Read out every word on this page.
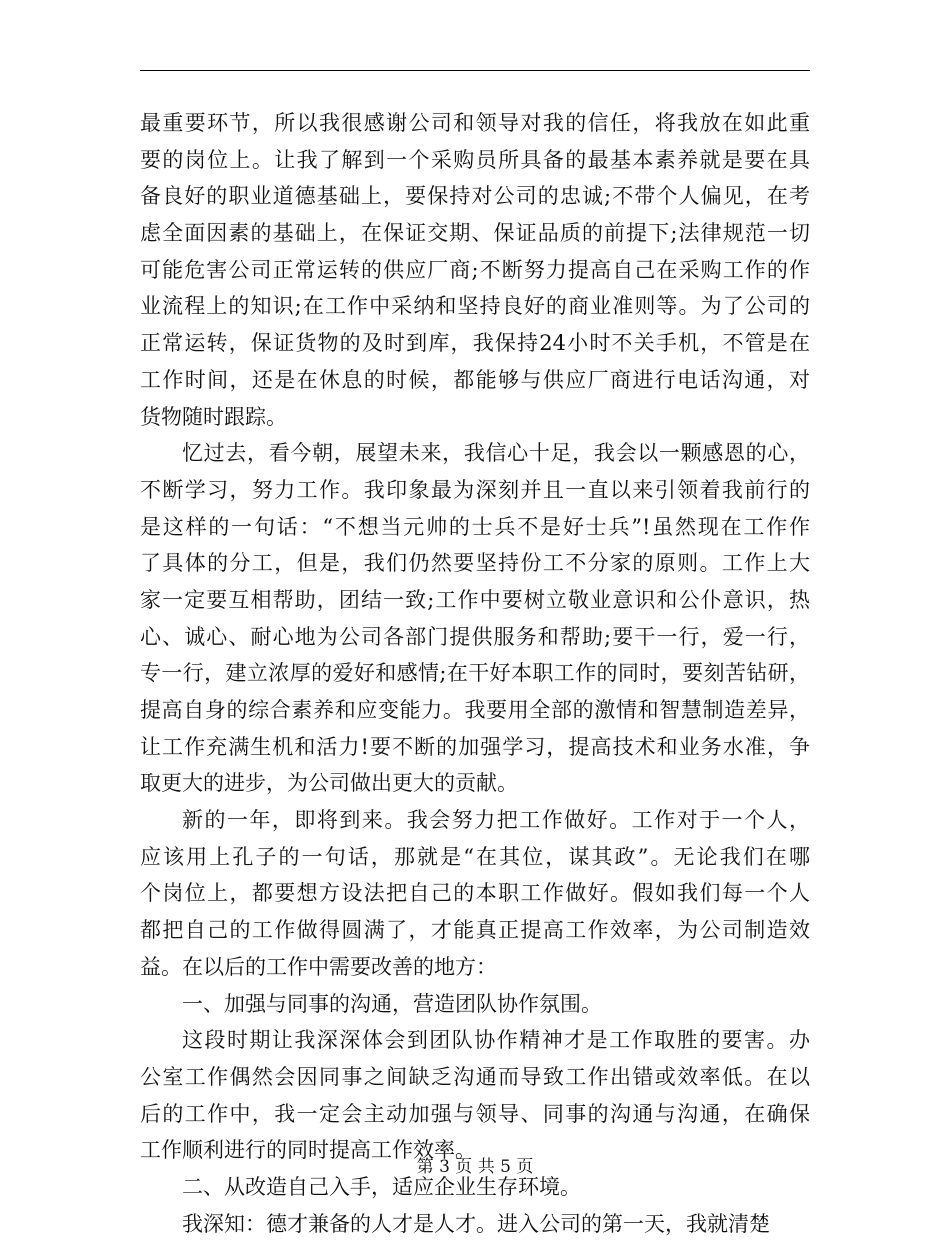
最重要环节，所以我很感谢公司和领导对我的信任，将我放在如此重
要的岗位上。让我了解到一个采购员所具备的最基本素养就是要在具
备良好的职业道德基础上，要保持对公司的忠诚;不带个人偏见，在考
虑全面因素的基础上，在保证交期、保证品质的前提下;法律规范一切
可能危害公司正常运转的供应厂商;不断努力提高自己在采购工作的作
业流程上的知识;在工作中采纳和坚持良好的商业准则等。为了公司的
正常运转，保证货物的及时到库，我保持24小时不关手机，不管是在
工作时间，还是在休息的时候，都能够与供应厂商进行电话沟通，对
货物随时跟踪。
忆过去，看今朝，展望未来，我信心十足，我会以一颗感恩的心，
不断学习，努力工作。我印象最为深刻并且一直以来引领着我前行的
是这样的一句话：“不想当元帅的士兵不是好士兵”!虽然现在工作作
了具体的分工，但是，我们仍然要坚持份工不分家的原则。工作上大
家一定要互相帮助，团结一致;工作中要树立敬业意识和公仆意识，热
心、诚心、耐心地为公司各部门提供服务和帮助;要干一行，爱一行，
专一行，建立浓厚的爱好和感情;在干好本职工作的同时，要刻苦钻研，
提高自身的综合素养和应变能力。我要用全部的激情和智慧制造差异，
让工作充满生机和活力!要不断的加强学习，提高技术和业务水准，争
取更大的进步，为公司做出更大的贡献。
新的一年，即将到来。我会努力把工作做好。工作对于一个人，
应该用上孔子的一句话，那就是“在其位，谋其政”。无论我们在哪
个岗位上，都要想方设法把自己的本职工作做好。假如我们每一个人
都把自己的工作做得圆满了，才能真正提高工作效率，为公司制造效
益。在以后的工作中需要改善的地方：
一、加强与同事的沟通，营造团队协作氛围。
这段时期让我深深体会到团队协作精神才是工作取胜的要害。办
公室工作偶然会因同事之间缺乏沟通而导致工作出错或效率低。在以
后的工作中，我一定会主动加强与领导、同事的沟通与沟通，在确保
工作顺利进行的同时提高工作效率。
二、从改造自己入手，适应企业生存环境。
我深知：德才兼备的人才是人才。进入公司的第一天，我就清楚
第 3 页 共 5 页
